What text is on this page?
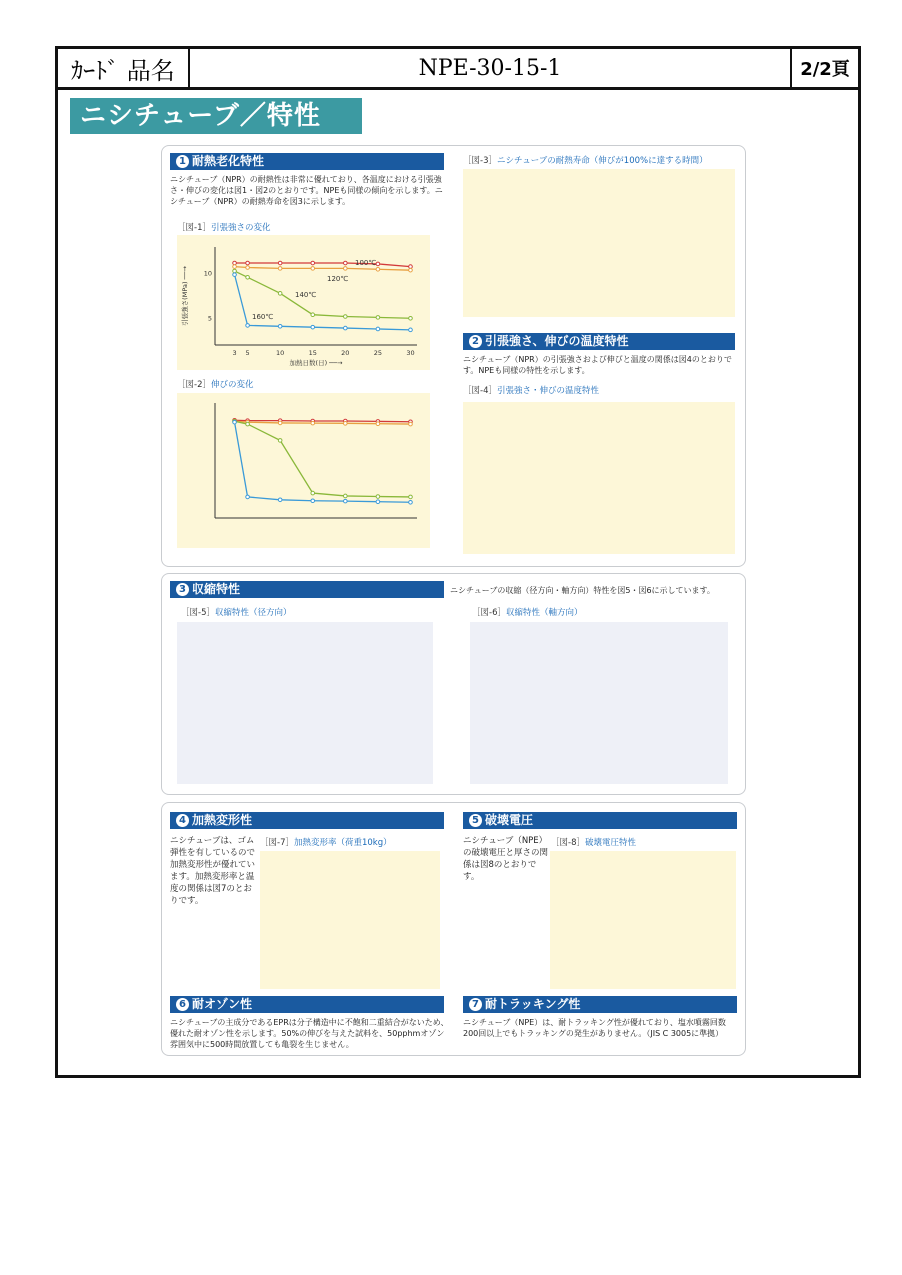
ｶｰﾄﾞ 品名	NPE-30-15-1	2/2頁
ニシチューブ／特性
1 耐熱老化特性
ニシチューブ（NPR）の耐熱性は非常に優れており、各温度における引張強さ・伸びの変化は図1・図2のとおりです。NPEも同様の傾向を示します。ニシチューブ（NPR）の耐熱寿命を図3に示します。
［図-1］引張強さの変化
3 5	10	15	20	25	30
加熱日数(日) ──→
引張強さ(MPa) ──→ 10
5
100℃
120℃
140℃
160℃
［図-2］伸びの変化
［図-3］ニシチューブの耐熱寿命（伸びが100%に達する時間）
2 引張強さ、伸びの温度特性
ニシチューブ（NPR）の引張強さおよび伸びと温度の関係は図4のとおりです。NPEも同様の特性を示します。
［図-4］引張強さ・伸びの温度特性
3 収縮特性	ニシチューブの収縮（径方向・軸方向）特性を図5・図6に示しています。
［図-5］収縮特性（径方向）	［図-6］収縮特性（軸方向）
4 加熱変形性
ニシチューブは、ゴム弾性を有しているので加熱変形性が優れています。加熱変形率と温度の関係は図7のとおりです。
［図-7］加熱変形率（荷重10kg）
5 破壊電圧
ニシチューブ（NPE）の破壊電圧と厚さの関係は図8のとおりです。
［図-8］破壊電圧特性
6 耐オゾン性
ニシチューブの主成分であるEPRは分子構造中に不飽和二重結合がないため、優れた耐オゾン性を示します。50%の伸びを与えた試料を、50pphmオゾン雰囲気中に500時間放置しても亀裂を生じません。
7 耐トラッキング性
ニシチューブ（NPE）は、耐トラッキング性が優れており、塩水噴霧回数200回以上でもトラッキングの発生がありません。（JIS C 3005に準拠）
